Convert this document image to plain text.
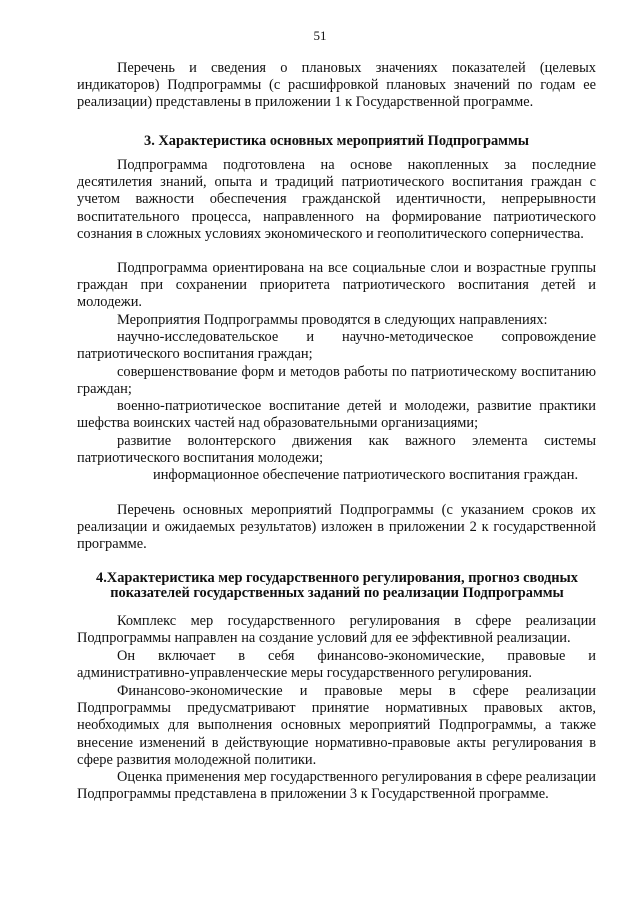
51

Перечень и сведения о плановых значениях показателей (целевых индикаторов) Подпрограммы (с расшифровкой плановых значений по годам ее реализации) представлены в приложении 1 к Государственной программе.

3. Характеристика основных мероприятий Подпрограммы

Подпрограмма подготовлена на основе накопленных за последние десятилетия знаний, опыта и традиций патриотического воспитания граждан с учетом важности обеспечения гражданской идентичности, непрерывности воспитательного процесса, направленного на формирование патриотического сознания в сложных условиях экономического и геополитического соперничества.

Подпрограмма ориентирована на все социальные слои и возрастные группы граждан при сохранении приоритета патриотического воспитания детей и молодежи.

Мероприятия Подпрограммы проводятся в следующих направлениях:

научно-исследовательское и научно-методическое сопровождение патриотического воспитания граждан;

совершенствование форм и методов работы по патриотическому воспитанию граждан;

военно-патриотическое воспитание детей и молодежи, развитие практики шефства воинских частей над образовательными организациями;

развитие волонтерского движения как важного элемента системы патриотического воспитания молодежи;

информационное обеспечение патриотического воспитания граждан.

Перечень основных мероприятий Подпрограммы (с указанием сроков их реализации и ожидаемых результатов) изложен в приложении 2 к государственной программе.

4.Характеристика мер государственного регулирования, прогноз сводных

показателей государственных заданий по реализации Подпрограммы

Комплекс мер государственного регулирования в сфере реализации Подпрограммы направлен на создание условий для ее эффективной реализации.

Он включает в себя финансово-экономические, правовые и административно-управленческие меры государственного регулирования.

Финансово-экономические и правовые меры в сфере реализации Подпрограммы предусматривают принятие нормативных правовых актов, необходимых для выполнения основных мероприятий Подпрограммы, а также внесение изменений в действующие нормативно-правовые акты регулирования в сфере развития молодежной политики.

Оценка применения мер государственного регулирования в сфере реализации Подпрограммы представлена в приложении 3 к Государственной программе.
